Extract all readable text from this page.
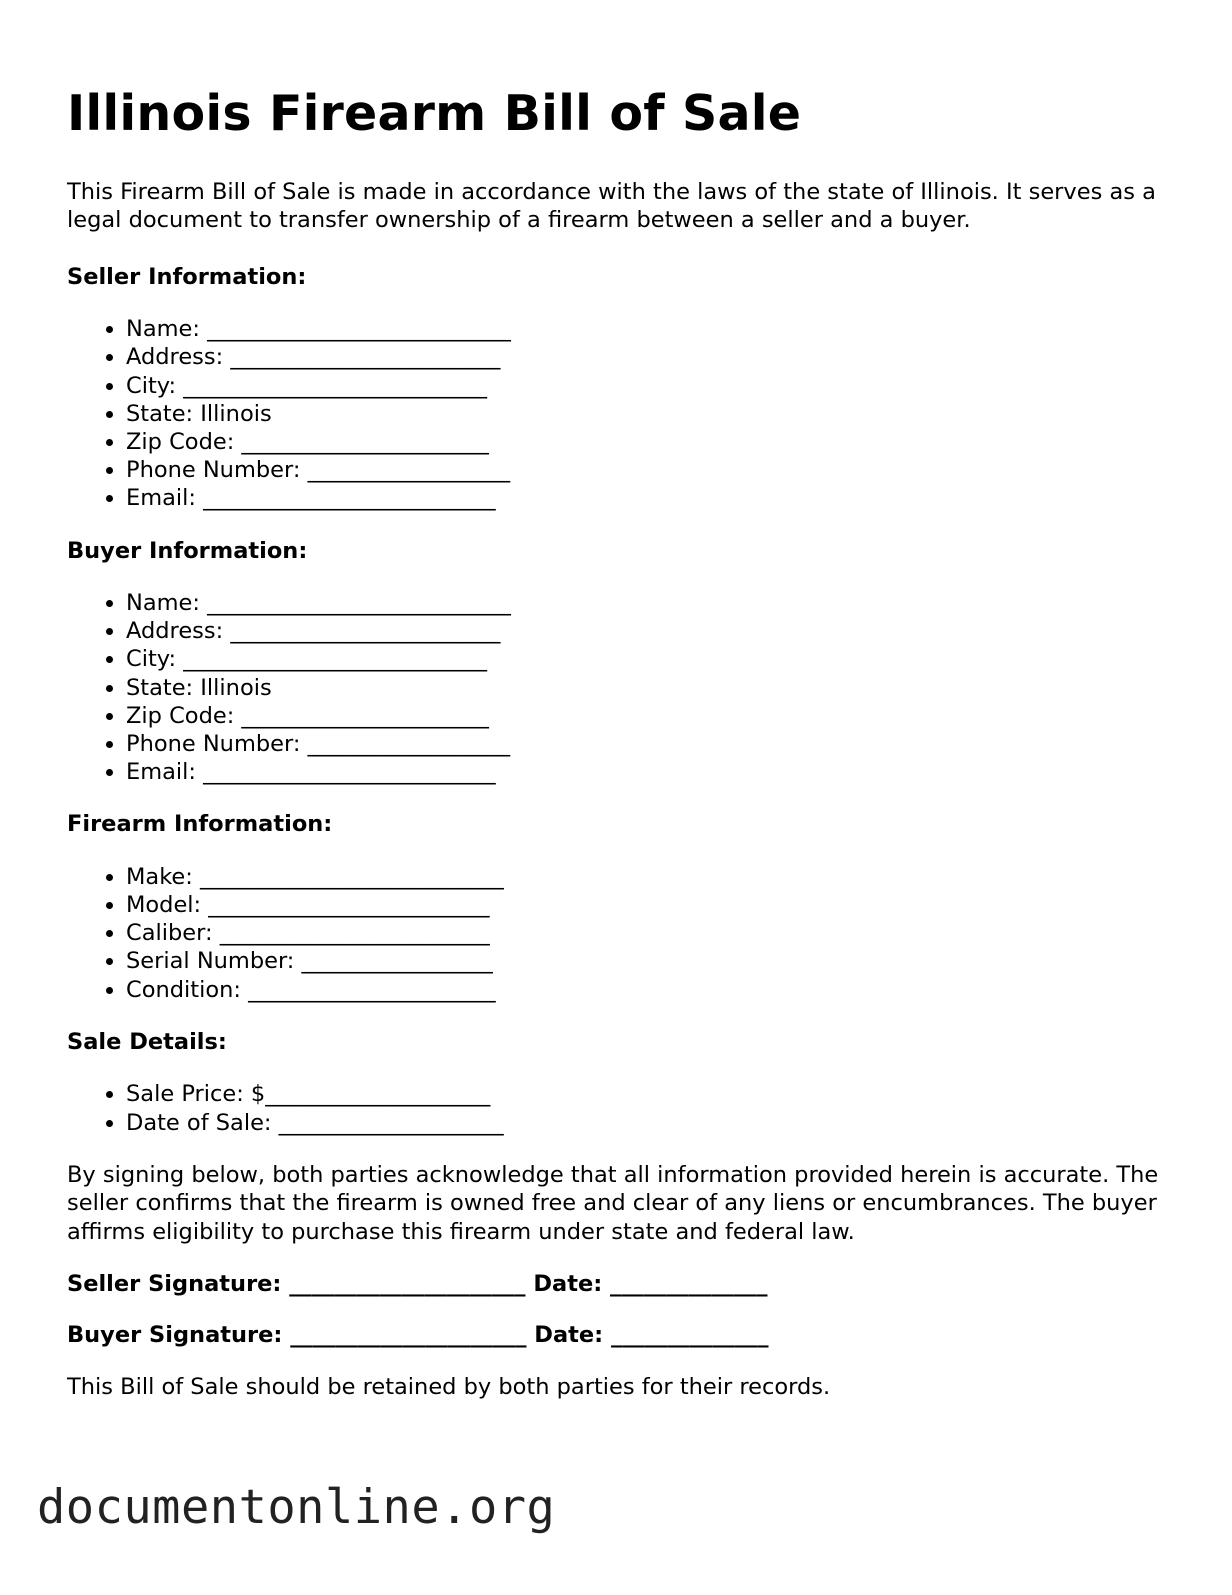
Illinois Firearm Bill of Sale

This Firearm Bill of Sale is made in accordance with the laws of the state of Illinois. It serves as a legal document to transfer ownership of a firearm between a seller and a buyer.

Seller Information:
• Name: ___________________________
• Address: ________________________
• City: ___________________________
• State: Illinois
• Zip Code: ______________________
• Phone Number: __________________
• Email: __________________________
Buyer Information:
• Name: ___________________________
• Address: ________________________
• City: ___________________________
• State: Illinois
• Zip Code: ______________________
• Phone Number: __________________
• Email: __________________________
Firearm Information:
• Make: ___________________________
• Model: _________________________
• Caliber: ________________________
• Serial Number: _________________
• Condition: ______________________
Sale Details:
• Sale Price: $____________________
• Date of Sale: ____________________

By signing below, both parties acknowledge that all information provided herein is accurate. The seller confirms that the firearm is owned free and clear of any liens or encumbrances. The buyer affirms eligibility to purchase this firearm under state and federal law.

Seller Signature: _____________________ Date: ______________
Buyer Signature: _____________________ Date: ______________

This Bill of Sale should be retained by both parties for their records.

documentonline.org
